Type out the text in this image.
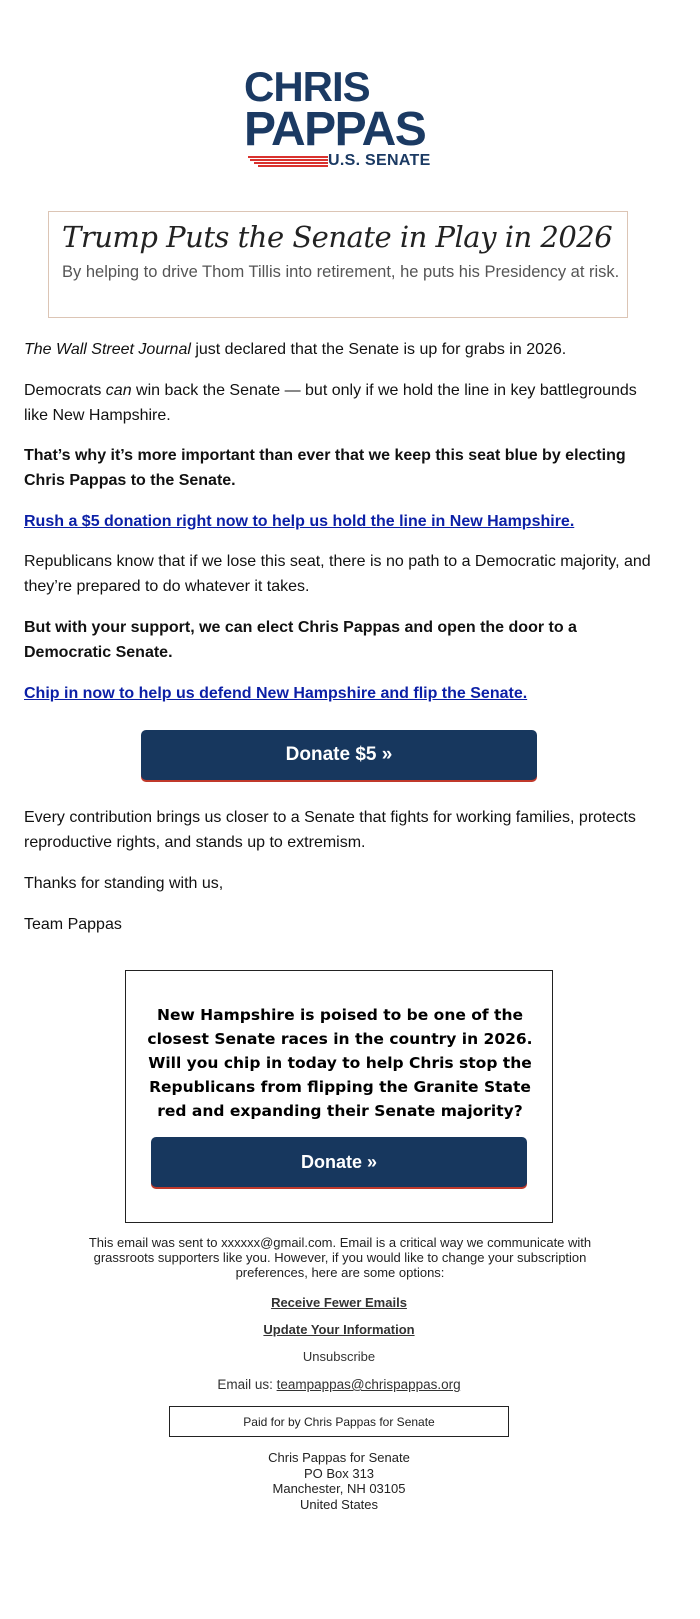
CHRIS
PAPPAS
U.S. SENATE
Trump Puts the Senate in Play in 2026
By helping to drive Thom Tillis into retirement, he puts his Presidency at risk.
The Wall Street Journal just declared that the Senate is up for grabs in 2026.
Democrats can win back the Senate — but only if we hold the line in key battlegrounds like New Hampshire.
That’s why it’s more important than ever that we keep this seat blue by electing Chris Pappas to the Senate.
Rush a $5 donation right now to help us hold the line in New Hampshire.
Republicans know that if we lose this seat, there is no path to a Democratic majority, and they’re prepared to do whatever it takes.
But with your support, we can elect Chris Pappas and open the door to a Democratic Senate.
Chip in now to help us defend New Hampshire and flip the Senate.
Donate $5 »
Every contribution brings us closer to a Senate that fights for working families, protects reproductive rights, and stands up to extremism.
Thanks for standing with us,
Team Pappas
New Hampshire is poised to be one of the closest Senate races in the country in 2026. Will you chip in today to help Chris stop the Republicans from flipping the Granite State red and expanding their Senate majority?
Donate »
This email was sent to xxxxxx@gmail.com. Email is a critical way we communicate with grassroots supporters like you. However, if you would like to change your subscription preferences, here are some options:
Receive Fewer Emails
Update Your Information
Unsubscribe
Email us: teampappas@chrispappas.org
Paid for by Chris Pappas for Senate
Chris Pappas for Senate
PO Box 313
Manchester, NH 03105
United States
